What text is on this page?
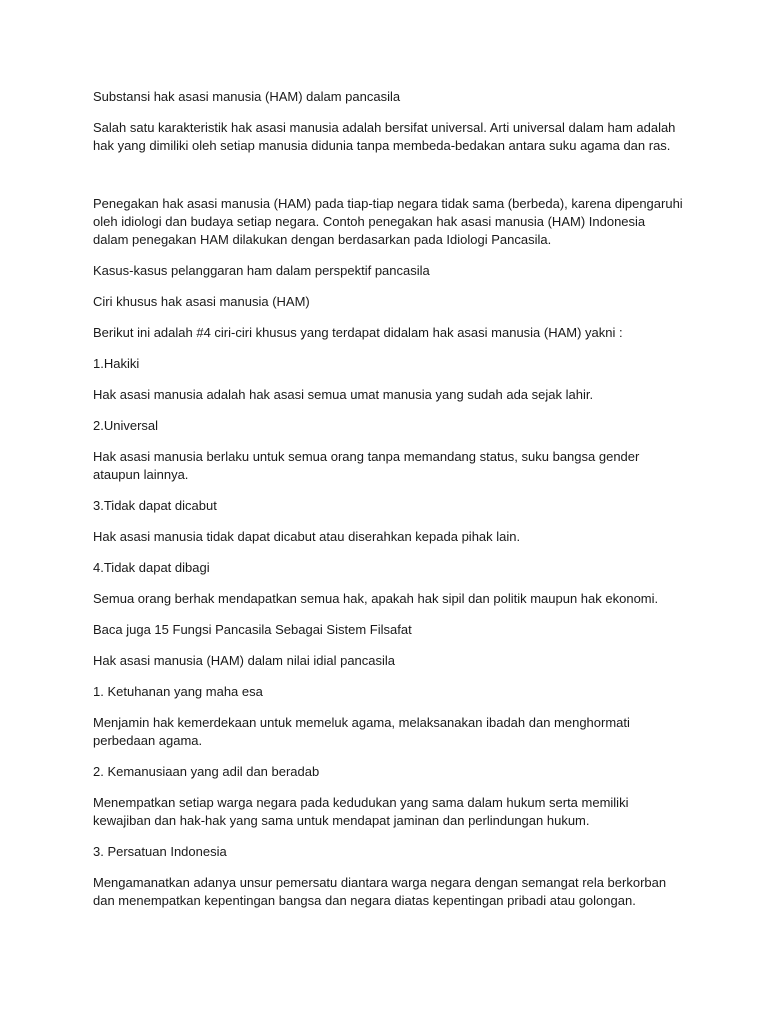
Substansi hak asasi manusia (HAM) dalam pancasila

Salah satu karakteristik hak asasi manusia adalah bersifat universal. Arti universal dalam ham adalah hak yang dimiliki oleh setiap manusia didunia tanpa membeda-bedakan antara suku agama dan ras.

Penegakan hak asasi manusia (HAM) pada tiap-tiap negara tidak sama (berbeda), karena dipengaruhi oleh idiologi dan budaya setiap negara. Contoh penegakan hak asasi manusia (HAM) Indonesia dalam penegakan HAM dilakukan dengan berdasarkan pada Idiologi Pancasila.

Kasus-kasus pelanggaran ham dalam perspektif pancasila

Ciri khusus hak asasi manusia (HAM)

Berikut ini adalah #4 ciri-ciri khusus yang terdapat didalam hak asasi manusia (HAM) yakni :

1.Hakiki

Hak asasi manusia adalah hak asasi semua umat manusia yang sudah ada sejak lahir.

2.Universal

Hak asasi manusia berlaku untuk semua orang tanpa memandang status, suku bangsa gender ataupun lainnya.

3.Tidak dapat dicabut

Hak asasi manusia tidak dapat dicabut atau diserahkan kepada pihak lain.

4.Tidak dapat dibagi

Semua orang berhak mendapatkan semua hak, apakah hak sipil dan politik maupun hak ekonomi.

Baca juga 15 Fungsi Pancasila Sebagai Sistem Filsafat

Hak asasi manusia (HAM) dalam nilai idial pancasila

1. Ketuhanan yang maha esa

Menjamin hak kemerdekaan untuk memeluk agama, melaksanakan ibadah dan menghormati perbedaan agama.

2. Kemanusiaan yang adil dan beradab

Menempatkan setiap warga negara pada kedudukan yang sama dalam hukum serta memiliki kewajiban dan hak-hak yang sama untuk mendapat jaminan dan perlindungan hukum.

3. Persatuan Indonesia

Mengamanatkan adanya unsur pemersatu diantara warga negara dengan semangat rela berkorban dan menempatkan kepentingan bangsa dan negara diatas kepentingan pribadi atau golongan.
